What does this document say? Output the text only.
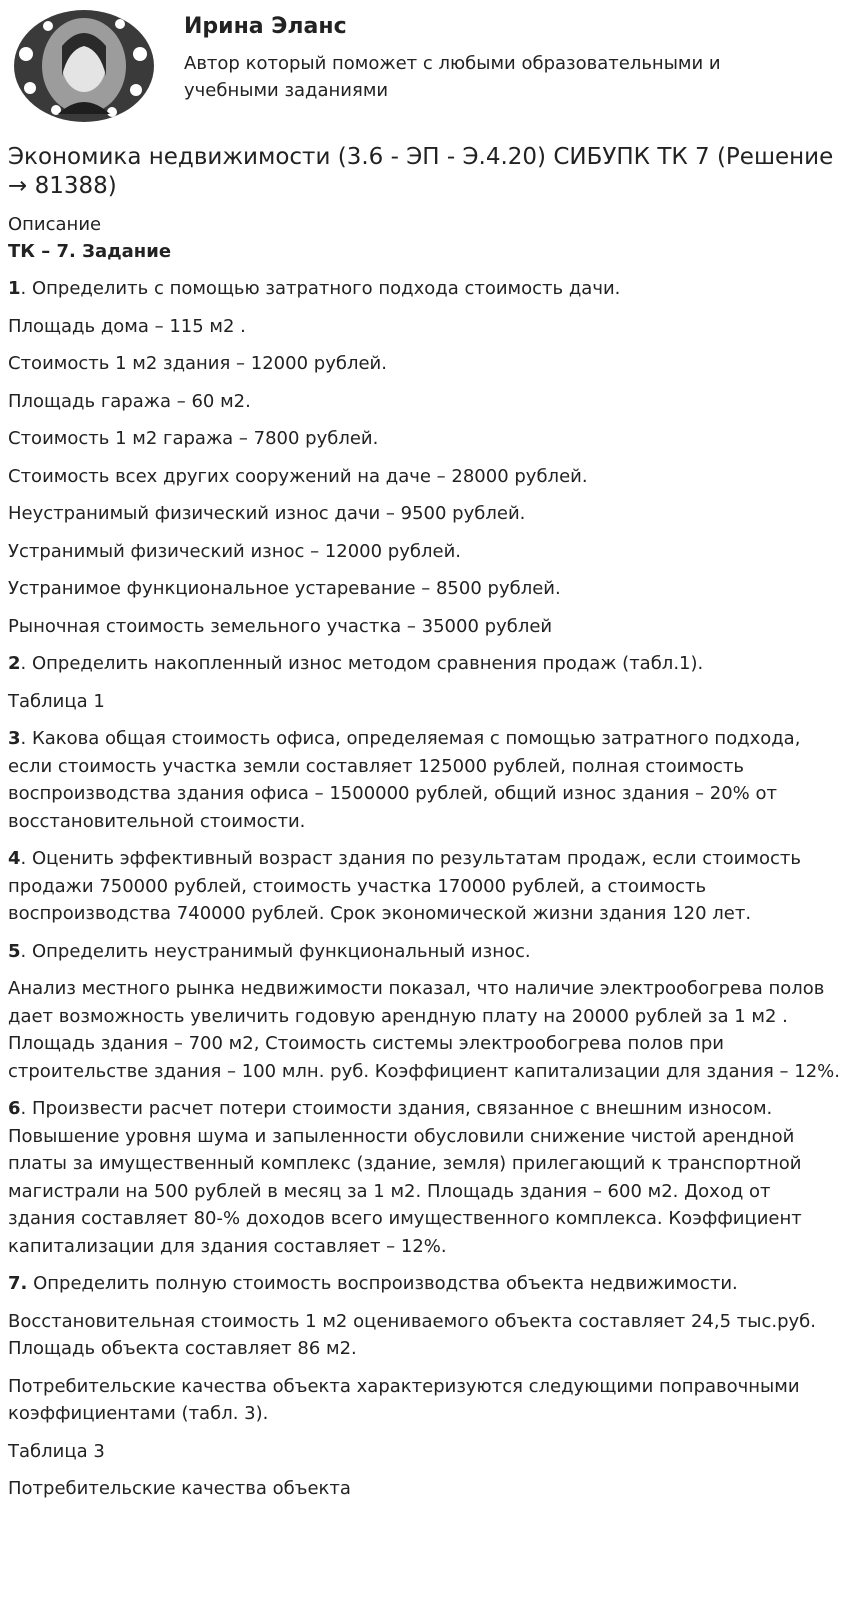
Ирина Эланс

Автор который поможет с любыми образовательными и учебными заданиями

Экономика недвижимости (3.6 - ЭП - Э.4.20) СИБУПК ТК 7 (Решение → 81388)

Описание

ТК – 7. Задание

1. Определить с помощью затратного подхода стоимость дачи.

Площадь дома – 115 м2 .

Стоимость 1 м2 здания – 12000 рублей.

Площадь гаража – 60 м2.

Стоимость 1 м2 гаража – 7800 рублей.

Стоимость всех других сооружений на даче – 28000 рублей.

Неустранимый физический износ дачи – 9500 рублей.

Устранимый физический износ – 12000 рублей.

Устранимое функциональное устаревание – 8500 рублей.

Рыночная стоимость земельного участка – 35000 рублей

2. Определить накопленный износ методом сравнения продаж (табл.1).

Таблица 1

3. Какова общая стоимость офиса, определяемая с помощью затратного подхода, если стоимость участка земли составляет 125000 рублей, полная стоимость воспроизводства здания офиса – 1500000 рублей, общий износ здания – 20% от восстановительной стоимости.

4. Оценить эффективный возраст здания по результатам продаж, если стоимость продажи 750000 рублей, стоимость участка 170000 рублей, а стоимость воспроизводства 740000 рублей. Срок экономической жизни здания 120 лет.

5. Определить неустранимый функциональный износ.

Анализ местного рынка недвижимости показал, что наличие электрообогрева полов дает возможность увеличить годовую арендную плату на 20000 рублей за 1 м2 . Площадь здания – 700 м2, Стоимость системы электрообогрева полов при строительстве здания – 100 млн. руб. Коэффициент капитализации для здания – 12%.

6. Произвести расчет потери стоимости здания, связанное с внешним износом. Повышение уровня шума и запыленности обусловили снижение чистой арендной платы за имущественный комплекс (здание, земля) прилегающий к транспортной магистрали на 500 рублей в месяц за 1 м2. Площадь здания – 600 м2. Доход от здания составляет 80-% доходов всего имущественного комплекса. Коэффициент капитализации для здания составляет – 12%.

7. Определить полную стоимость воспроизводства объекта недвижимости.

Восстановительная стоимость 1 м2 оцениваемого объекта составляет 24,5 тыс.руб. Площадь объекта составляет 86 м2.

Потребительские качества объекта характеризуются следующими поправочными коэффициентами (табл. 3).

Таблица 3

Потребительские качества объекта
